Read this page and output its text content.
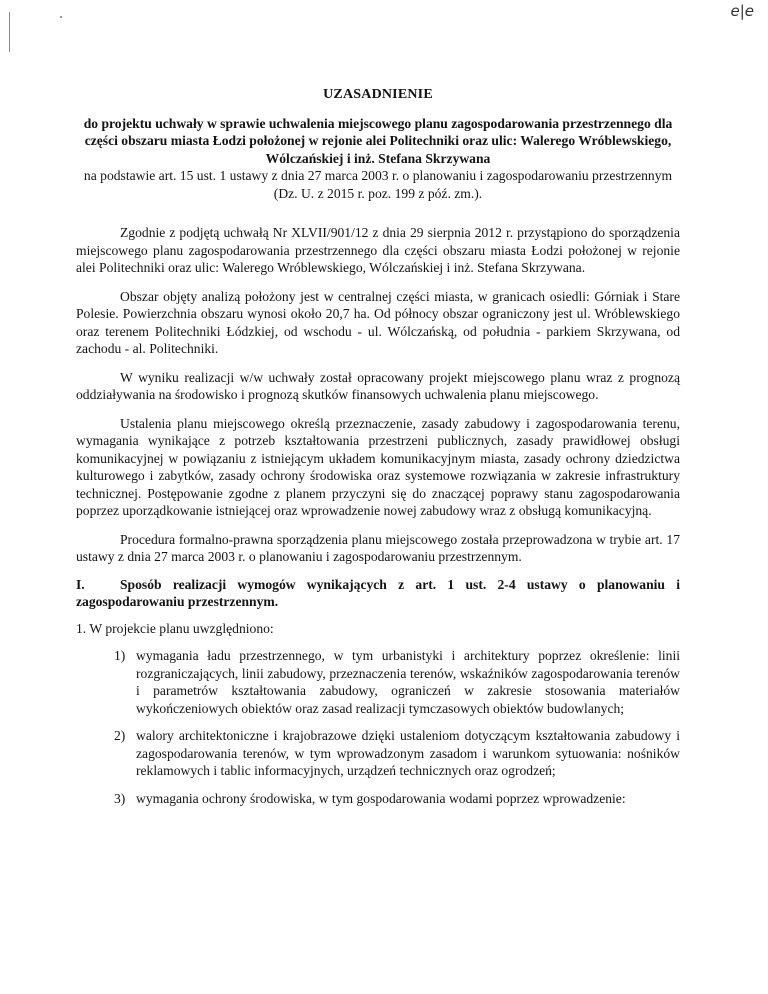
e|e

UZASADNIENIE

do projektu uchwały w sprawie uchwalenia miejscowego planu zagospodarowania przestrzennego dla części obszaru miasta Łodzi położonej w rejonie alei Politechniki oraz ulic: Walerego Wróblewskiego, Wólczańskiej i inż. Stefana Skrzywana

na podstawie art. 15 ust. 1 ustawy z dnia 27 marca 2003 r. o planowaniu i zagospodarowaniu przestrzennym (Dz. U. z 2015 r. poz. 199 z póź. zm.).

Zgodnie z podjętą uchwałą Nr XLVII/901/12 z dnia 29 sierpnia 2012 r. przystąpiono do sporządzenia miejscowego planu zagospodarowania przestrzennego dla części obszaru miasta Łodzi położonej w rejonie alei Politechniki oraz ulic: Walerego Wróblewskiego, Wólczańskiej i inż. Stefana Skrzywana.

Obszar objęty analizą położony jest w centralnej części miasta, w granicach osiedli: Górniak i Stare Polesie. Powierzchnia obszaru wynosi około 20,7 ha. Od północy obszar ograniczony jest ul. Wróblewskiego oraz terenem Politechniki Łódzkiej, od wschodu - ul. Wólczańską, od południa - parkiem Skrzywana, od zachodu - al. Politechniki.

W wyniku realizacji w/w uchwały został opracowany projekt miejscowego planu wraz z prognozą oddziaływania na środowisko i prognozą skutków finansowych uchwalenia planu miejscowego.

Ustalenia planu miejscowego określą przeznaczenie, zasady zabudowy i zagospodarowania terenu, wymagania wynikające z potrzeb kształtowania przestrzeni publicznych, zasady prawidłowej obsługi komunikacyjnej w powiązaniu z istniejącym układem komunikacyjnym miasta, zasady ochrony dziedzictwa kulturowego i zabytków, zasady ochrony środowiska oraz systemowe rozwiązania w zakresie infrastruktury technicznej. Postępowanie zgodne z planem przyczyni się do znaczącej poprawy stanu zagospodarowania poprzez uporządkowanie istniejącej oraz wprowadzenie nowej zabudowy wraz z obsługą komunikacyjną.

Procedura formalno-prawna sporządzenia planu miejscowego została przeprowadzona w trybie art. 17 ustawy z dnia 27 marca 2003 r. o planowaniu i zagospodarowaniu przestrzennym.

I.	Sposób realizacji wymogów wynikających z art. 1 ust. 2-4 ustawy o planowaniu i zagospodarowaniu przestrzennym.

1. W projekcie planu uwzględniono:

1) wymagania ładu przestrzennego, w tym urbanistyki i architektury poprzez określenie: linii rozgraniczających, linii zabudowy, przeznaczenia terenów, wskaźników zagospodarowania terenów i parametrów kształtowania zabudowy, ograniczeń w zakresie stosowania materiałów wykończeniowych obiektów oraz zasad realizacji tymczasowych obiektów budowlanych;
2) walory architektoniczne i krajobrazowe dzięki ustaleniom dotyczącym kształtowania zabudowy i zagospodarowania terenów, w tym wprowadzonym zasadom i warunkom sytuowania: nośników reklamowych i tablic informacyjnych, urządzeń technicznych oraz ogrodzeń;
3) wymagania ochrony środowiska, w tym gospodarowania wodami poprzez wprowadzenie:
